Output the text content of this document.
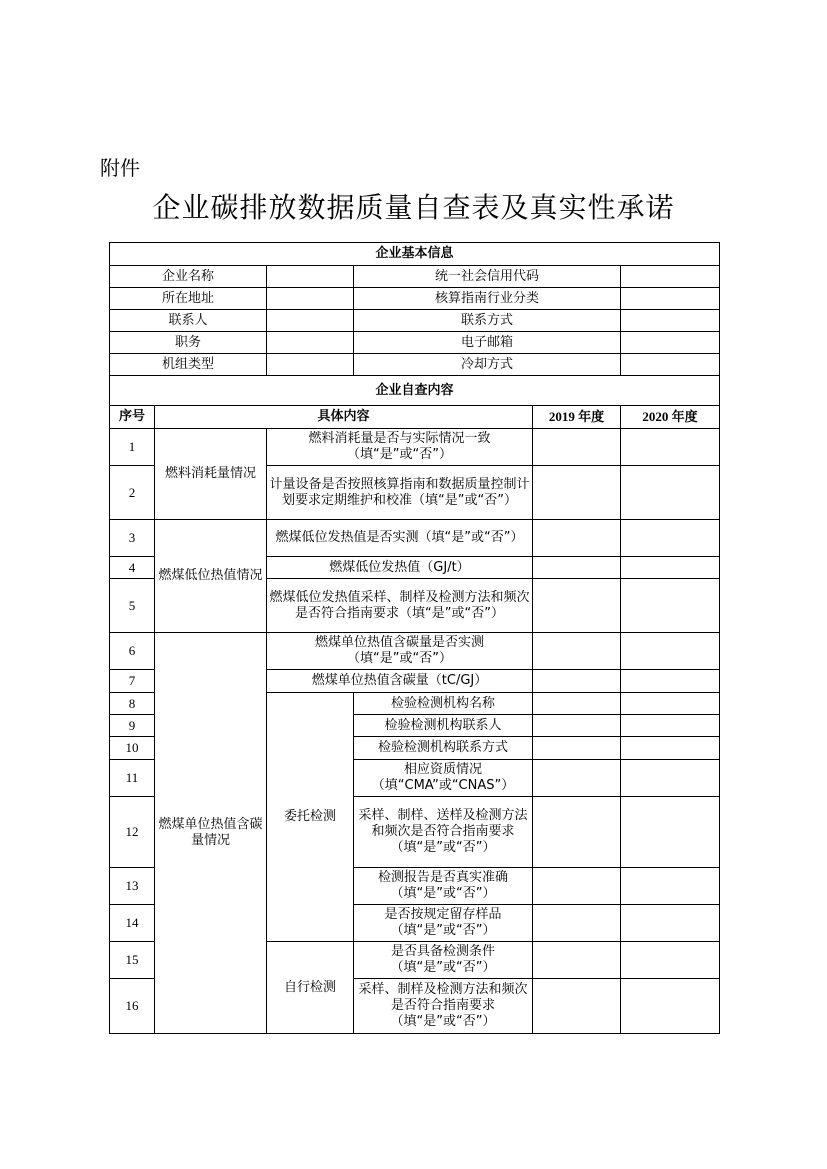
附件
企业碳排放数据质量自查表及真实性承诺
企业基本信息					
企业名称			统一社会信用代码		
所在地址			核算指南行业分类		
联系人			联系方式		
职务			电子邮箱		
机组类型			冷却方式		
企业自查内容					
序号	具体内容			2019 年度	2020 年度
1	燃料消耗量情况	燃料消耗量是否与实际情况一致（填“是”或“否”）			
2		计量设备是否按照核算指南和数据质量控制计划要求定期维护和校准（填“是”或“否”）			
3	燃煤低位热值情况	燃煤低位发热值是否实测（填“是”或“否”）			
4		燃煤低位发热值（GJ/t）			
5		燃煤低位发热值采样、制样及检测方法和频次是否符合指南要求（填“是”或“否”）			
6	燃煤单位热值含碳量情况	燃煤单位热值含碳量是否实测（填“是”或“否”）			
7		燃煤单位热值含碳量（tC/GJ）			
8		委托检测	检验检测机构名称		
9			检验检测机构联系人		
10			检验检测机构联系方式		
11			相应资质情况（填“CMA”或“CNAS”）		
12			采样、制样、送样及检测方法和频次是否符合指南要求（填“是”或“否”）		
13			检测报告是否真实准确（填“是”或“否”）		
14			是否按规定留存样品（填“是”或“否”）		
15		自行检测	是否具备检测条件（填“是”或“否”）		
16			采样、制样及检测方法和频次是否符合指南要求（填“是”或“否”）		
